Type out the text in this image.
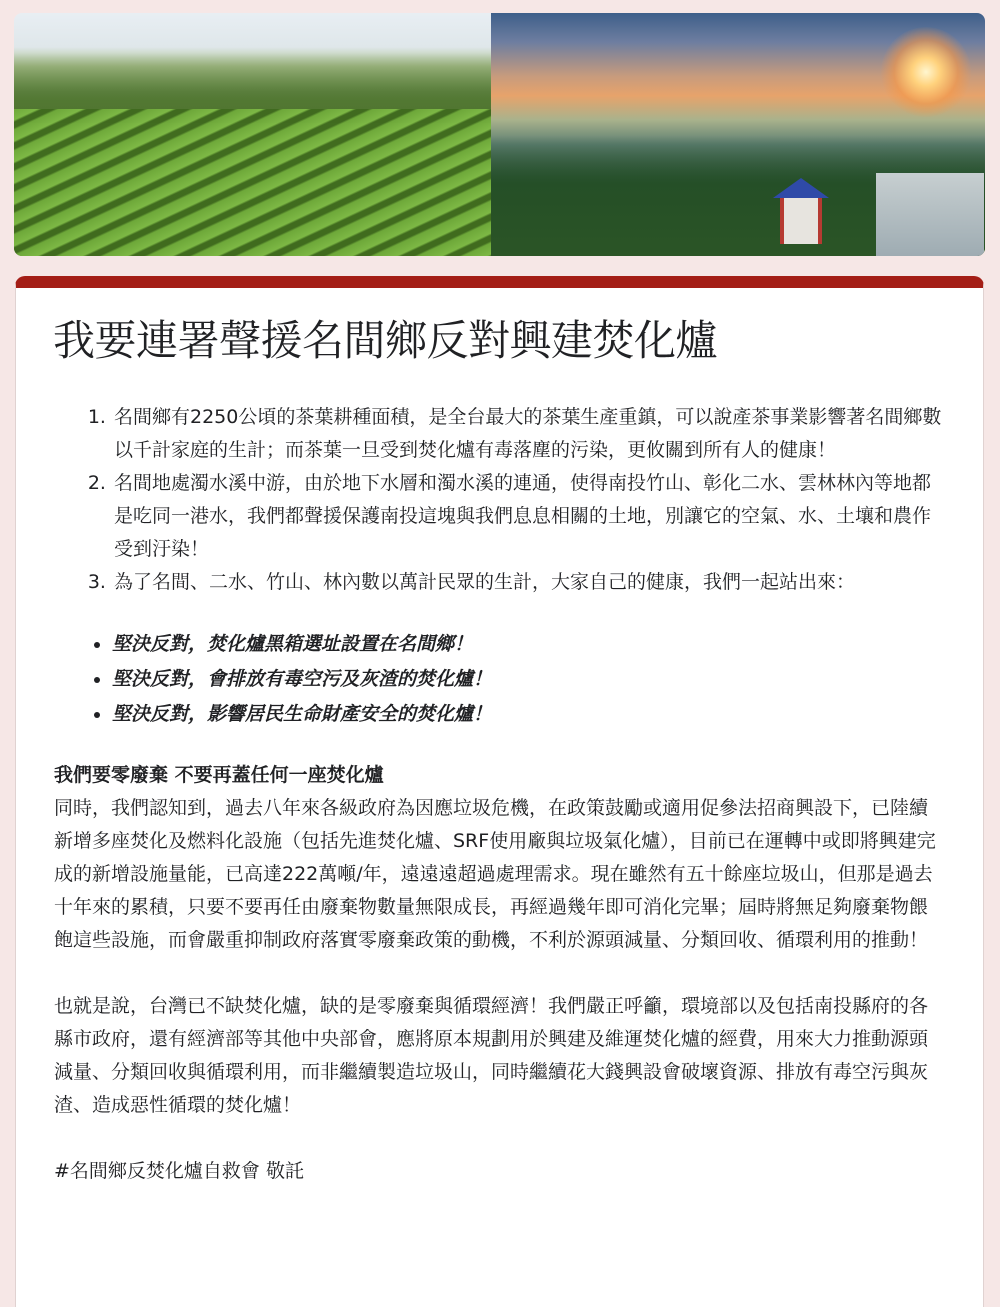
我要連署聲援名間鄉反對興建焚化爐
1. 名間鄉有2250公頃的茶葉耕種面積，是全台最大的茶葉生產重鎮，可以說產茶事業影響著名間鄉數以千計家庭的生計；而茶葉一旦受到焚化爐有毒落塵的污染，更攸關到所有人的健康！
2. 名間地處濁水溪中游，由於地下水層和濁水溪的連通，使得南投竹山、彰化二水、雲林林內等地都是吃同一港水，我們都聲援保護南投這塊與我們息息相關的土地，別讓它的空氣、水、土壤和農作受到汙染！
3. 為了名間、二水、竹山、林內數以萬計民眾的生計，大家自己的健康，我們一起站出來：
• 堅決反對，焚化爐黑箱選址設置在名間鄉！
• 堅決反對，會排放有毒空污及灰渣的焚化爐！
• 堅決反對，影響居民生命財產安全的焚化爐！
我們要零廢棄 不要再蓋任何一座焚化爐
同時，我們認知到，過去八年來各級政府為因應垃圾危機，在政策鼓勵或適用促參法招商興設下，已陸續新增多座焚化及燃料化設施（包括先進焚化爐、SRF使用廠與垃圾氣化爐），目前已在運轉中或即將興建完成的新增設施量能，已高達222萬噸/年，遠遠遠超過處理需求。現在雖然有五十餘座垃圾山，但那是過去十年來的累積，只要不要再任由廢棄物數量無限成長，再經過幾年即可消化完畢；屆時將無足夠廢棄物餵飽這些設施，而會嚴重抑制政府落實零廢棄政策的動機，不利於源頭減量、分類回收、循環利用的推動！
也就是說，台灣已不缺焚化爐，缺的是零廢棄與循環經濟！我們嚴正呼籲，環境部以及包括南投縣府的各縣市政府，還有經濟部等其他中央部會，應將原本規劃用於興建及維運焚化爐的經費，用來大力推動源頭減量、分類回收與循環利用，而非繼續製造垃圾山，同時繼續花大錢興設會破壞資源、排放有毒空污與灰渣、造成惡性循環的焚化爐！
#名間鄉反焚化爐自救會 敬託
